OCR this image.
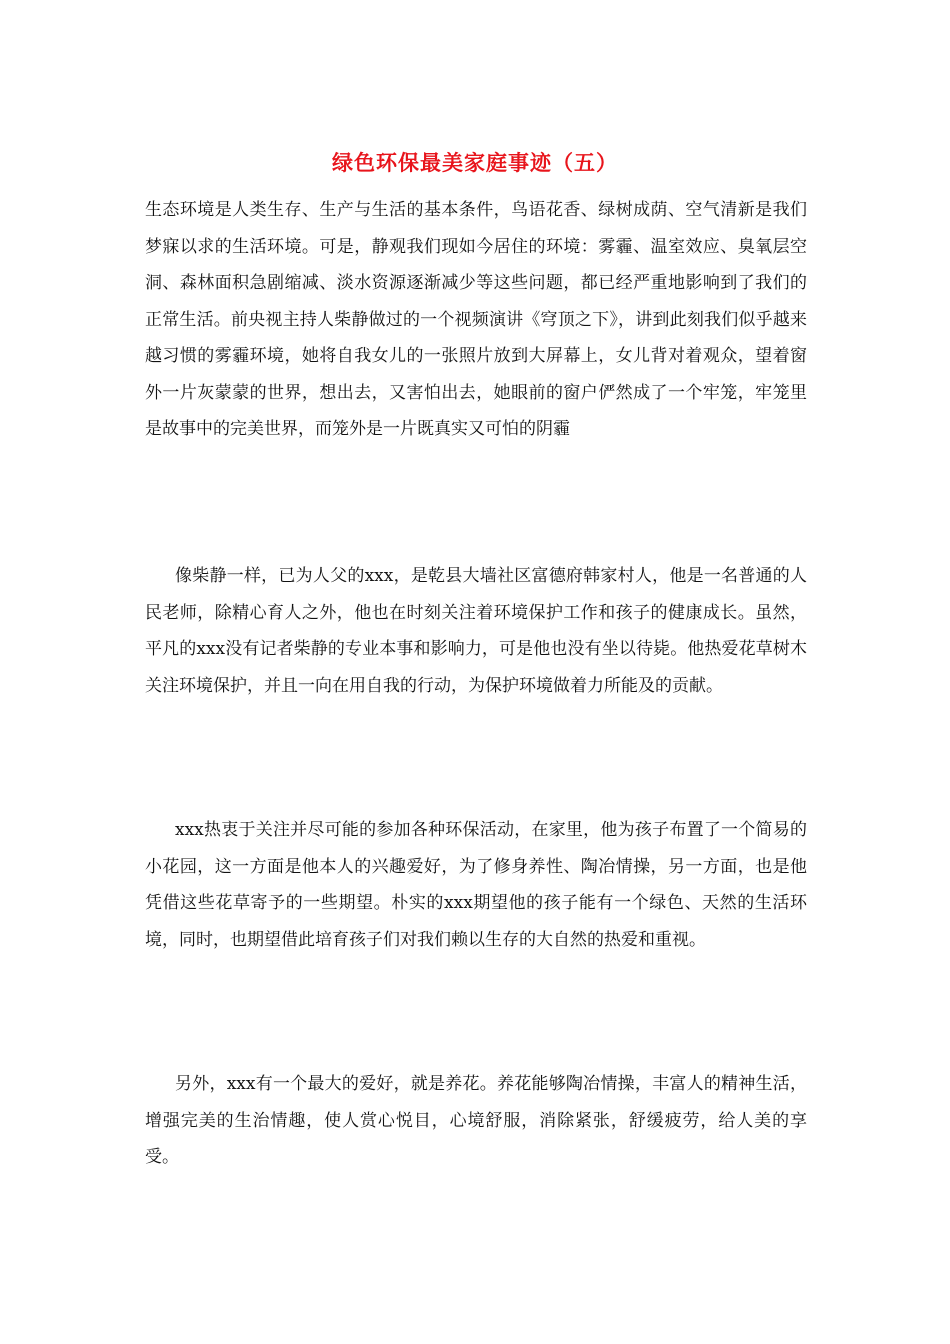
绿色环保最美家庭事迹（五）

生态环境是人类生存、生产与生活的基本条件，鸟语花香、绿树成荫、空气清新是我们梦寐以求的生活环境。可是，静观我们现如今居住的环境：雾霾、温室效应、臭氧层空洞、森林面积急剧缩减、淡水资源逐渐减少等这些问题，都已经严重地影响到了我们的正常生活。前央视主持人柴静做过的一个视频演讲《穹顶之下》，讲到此刻我们似乎越来越习惯的雾霾环境，她将自我女儿的一张照片放到大屏幕上，女儿背对着观众，望着窗外一片灰蒙蒙的世界，想出去，又害怕出去，她眼前的窗户俨然成了一个牢笼，牢笼里是故事中的完美世界，而笼外是一片既真实又可怕的阴霾

像柴静一样，已为人父的xxx，是乾县大墙社区富德府韩家村人，他是一名普通的人民老师，除精心育人之外，他也在时刻关注着环境保护工作和孩子的健康成长。虽然，平凡的xxx没有记者柴静的专业本事和影响力，可是他也没有坐以待毙。他热爱花草树木关注环境保护，并且一向在用自我的行动，为保护环境做着力所能及的贡献。

xxx热衷于关注并尽可能的参加各种环保活动，在家里，他为孩子布置了一个简易的小花园，这一方面是他本人的兴趣爱好，为了修身养性、陶冶情操，另一方面，也是他凭借这些花草寄予的一些期望。朴实的xxx期望他的孩子能有一个绿色、天然的生活环境，同时，也期望借此培育孩子们对我们赖以生存的大自然的热爱和重视。

另外，xxx有一个最大的爱好，就是养花。养花能够陶冶情操，丰富人的精神生活，增强完美的生治情趣，使人赏心悦目，心境舒服，消除紧张，舒缓疲劳，给人美的享受。
